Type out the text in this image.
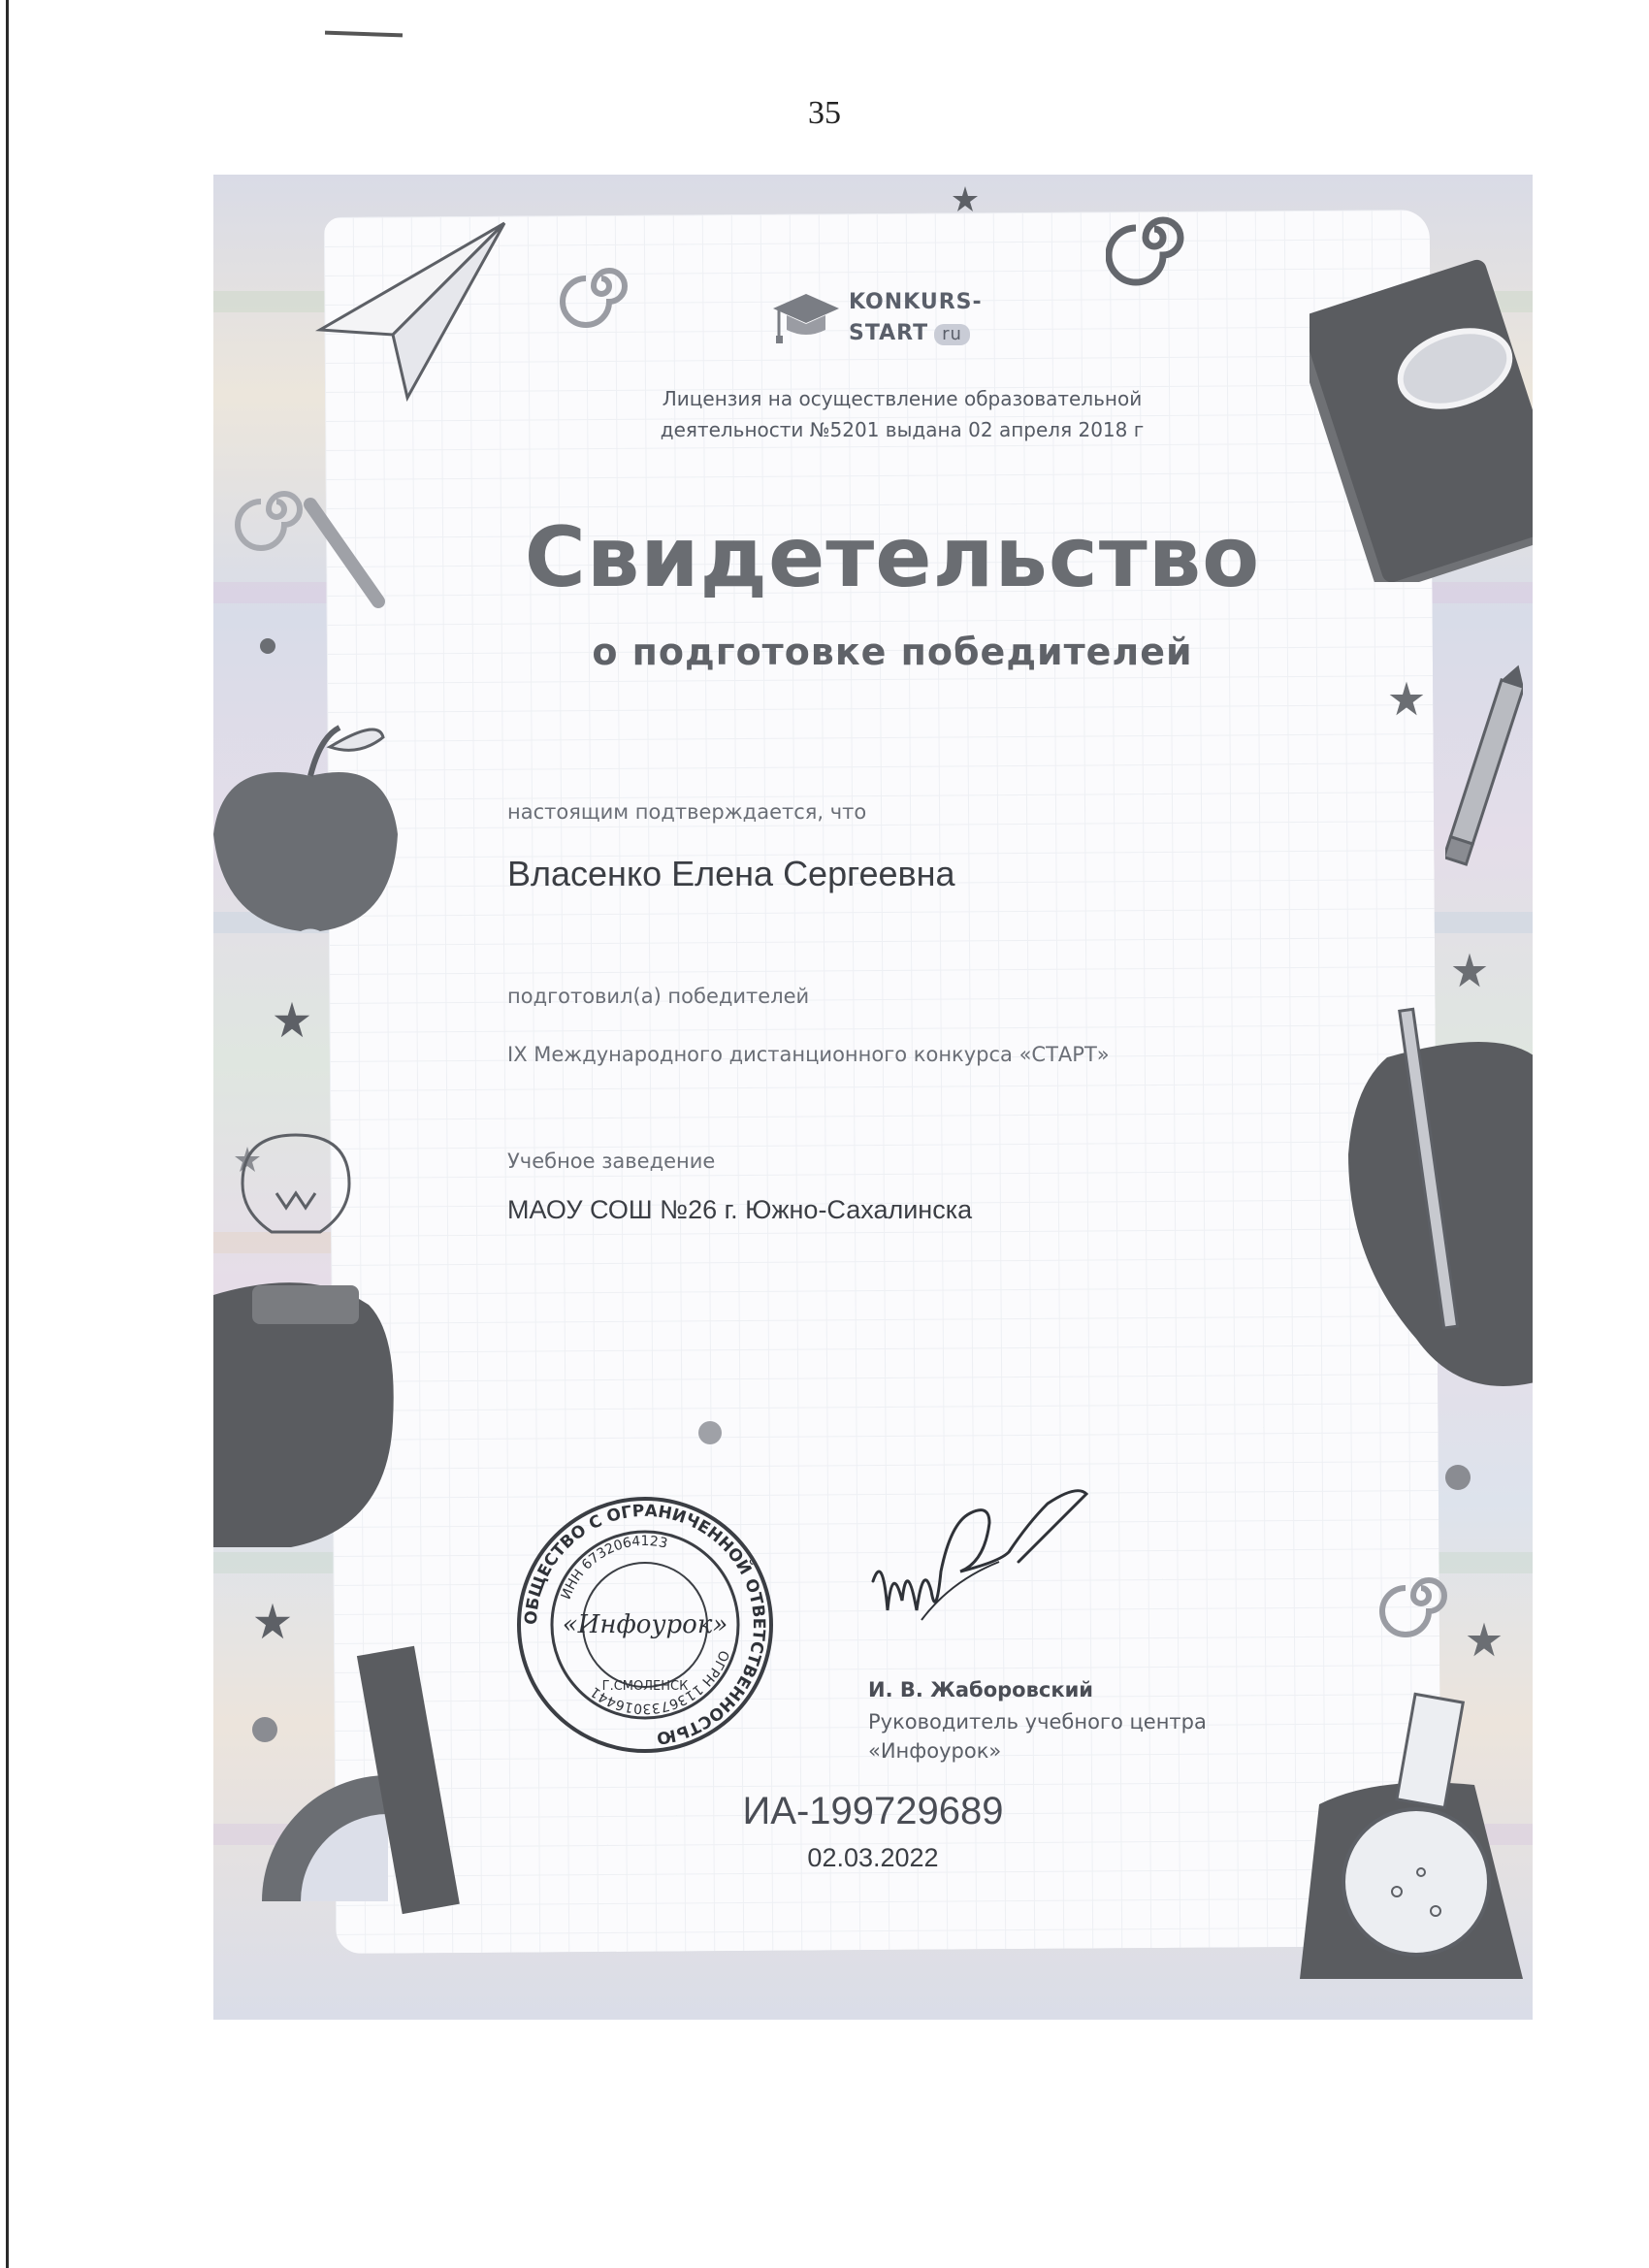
35
KONKURS-
START ru
Лицензия на осуществление образовательной
деятельности №5201 выдана 02 апреля 2018 г
Свидетельство
о подготовке победителей
настоящим подтверждается, что
Власенко Елена Сергеевна
подготовил(а) победителей
IX Международного дистанционного конкурса «СТАРТ»
Учебное заведение
МАОУ СОШ №26 г. Южно-Сахалинска
ОБЩЕСТВО С ОГРАНИЧЕННОЙ ОТВЕТСТВЕННОСТЬЮ
ИНН 6732064123
ОГРН 1136733016441
Г.СМОЛЕНСК
«Инфоурок»
И. В. Жаборовский
Руководитель учебного центра
«Инфоурок»
ИА-199729689
02.03.2022
